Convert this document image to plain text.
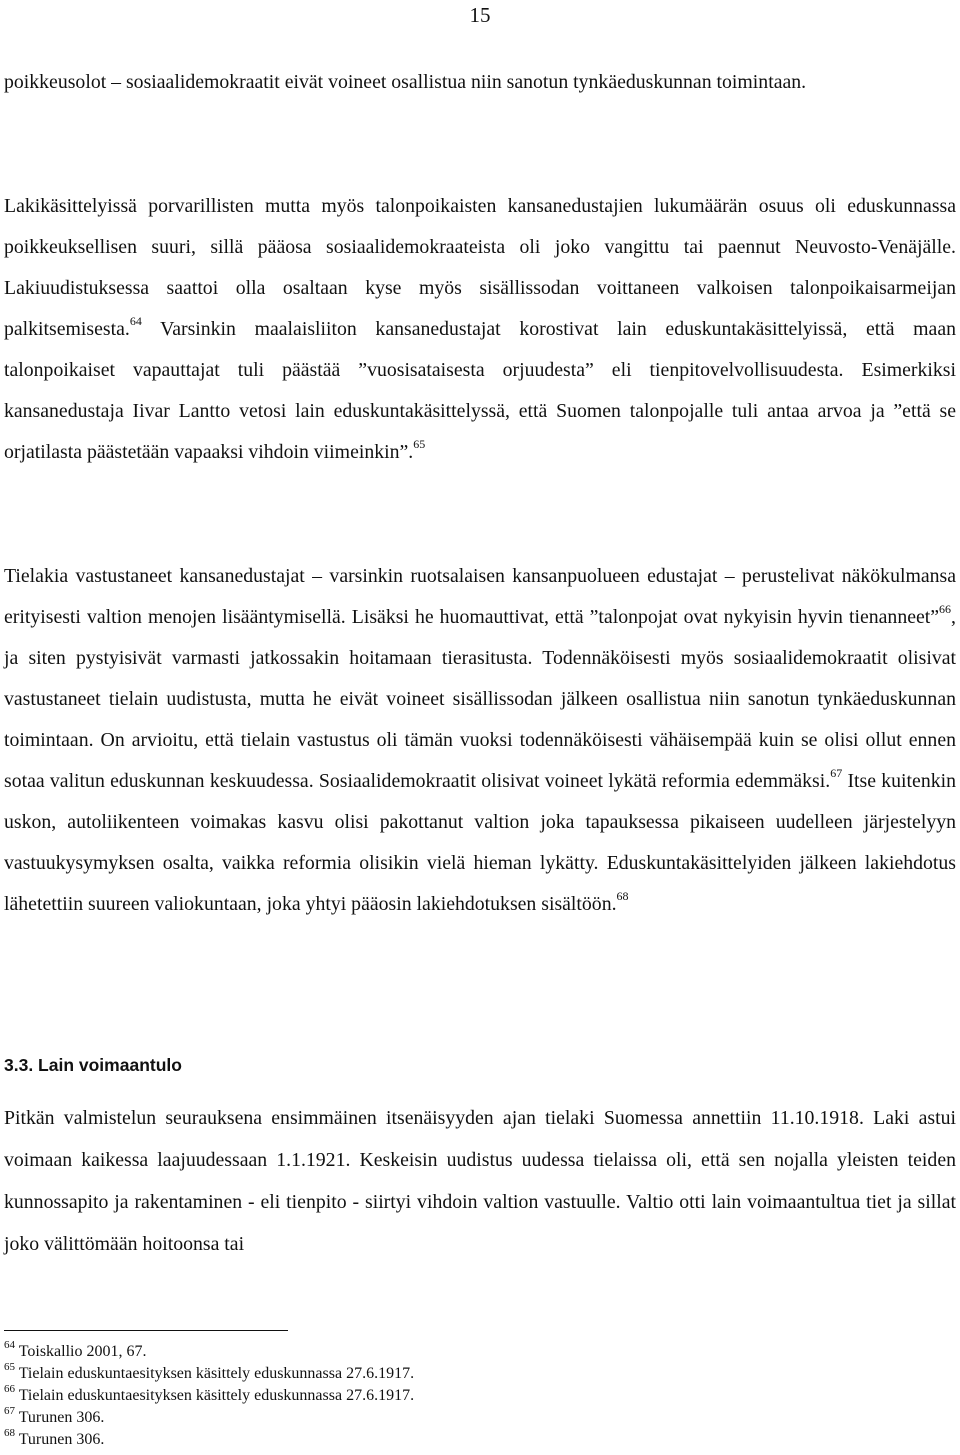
15

poikkeusolot – sosiaalidemokraatit eivät voineet osallistua niin sanotun tynkäeduskunnan toimintaan.

Lakikäsittelyissä porvarillisten mutta myös talonpoikaisten kansanedustajien lukumäärän osuus oli eduskunnassa poikkeuksellisen suuri, sillä pääosa sosiaalidemokraateista oli joko vangittu tai paennut Neuvosto-Venäjälle. Lakiuudistuksessa saattoi olla osaltaan kyse myös sisällissodan voittaneen valkoisen talonpoikaisarmeijan palkitsemisesta.$^{64}$ Varsinkin maalaisliiton kansanedustajat korostivat lain eduskuntakäsittelyissä, että maan talonpoikaiset vapauttajat tuli päästää ”vuosisataisesta orjuudesta” eli tienpitovelvollisuudesta. Esimerkiksi kansanedustaja Iivar Lantto vetosi lain eduskuntakäsittelyssä, että Suomen talonpojalle tuli antaa arvoa ja ”että se orjatilasta päästetään vapaaksi vihdoin viimeinkin”.$^{65}$

Tielakia vastustaneet kansanedustajat – varsinkin ruotsalaisen kansanpuolueen edustajat – perustelivat näkökulmansa erityisesti valtion menojen lisääntymisellä. Lisäksi he huomauttivat, että ”talonpojat ovat nykyisin hyvin tienanneet”$^{66}$, ja siten pystyisivät varmasti jatkossakin hoitamaan tierasitusta. Todennäköisesti myös sosiaalidemokraatit olisivat vastustaneet tielain uudistusta, mutta he eivät voineet sisällissodan jälkeen osallistua niin sanotun tynkäeduskunnan toimintaan. On arvioitu, että tielain vastustus oli tämän vuoksi todennäköisesti vähäisempää kuin se olisi ollut ennen sotaa valitun eduskunnan keskuudessa. Sosiaalidemokraatit olisivat voineet lykätä reformia edemmäksi.$^{67}$ Itse kuitenkin uskon, autoliikenteen voimakas kasvu olisi pakottanut valtion joka tapauksessa pikaiseen uudelleen järjestelyyn vastuukysymyksen osalta, vaikka reformia olisikin vielä hieman lykätty. Eduskuntakäsittelyiden jälkeen lakiehdotus lähetettiin suureen valiokuntaan, joka yhtyi pääosin lakiehdotuksen sisältöön.$^{68}$

3.3. Lain voimaantulo

Pitkän valmistelun seurauksena ensimmäinen itsenäisyyden ajan tielaki Suomessa annettiin 11.10.1918. Laki astui voimaan kaikessa laajuudessaan 1.1.1921. Keskeisin uudistus uudessa tielaissa oli, että sen nojalla yleisten teiden kunnossapito ja rakentaminen - eli tienpito - siirtyi vihdoin valtion vastuulle. Valtio otti lain voimaantultua tiet ja sillat joko välittömään hoitoonsa tai

$^{64}$ Toiskallio 2001, 67.
$^{65}$ Tielain eduskuntaesityksen käsittely eduskunnassa 27.6.1917.
$^{66}$ Tielain eduskuntaesityksen käsittely eduskunnassa 27.6.1917.
$^{67}$ Turunen 306.
$^{68}$ Turunen 306.
